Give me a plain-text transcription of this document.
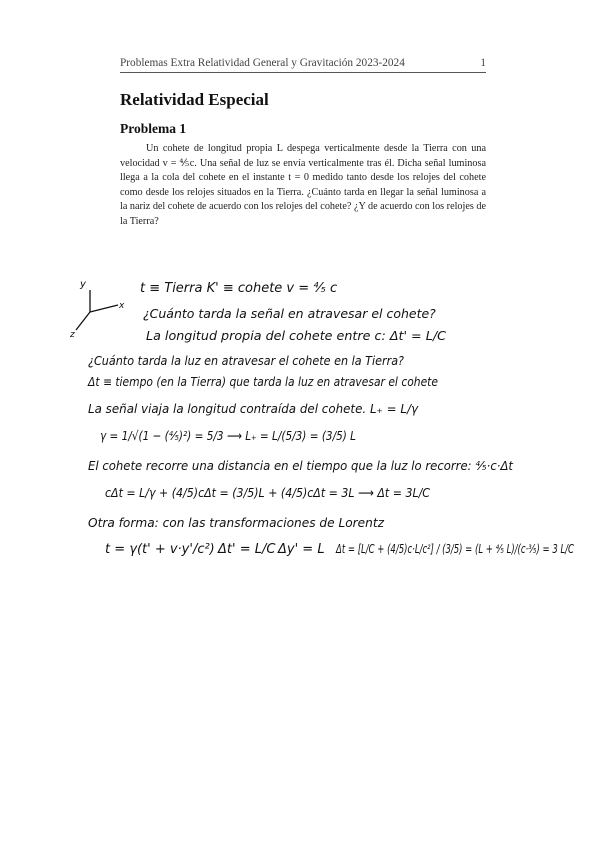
Problemas Extra Relatividad General y Gravitación 2023-2024	1
Relatividad Especial
Problema 1

Un cohete de longitud propia L despega verticalmente desde la Tierra con una velocidad v = ⅘c. Una señal de luz se envía verticalmente tras él. Dicha señal luminosa llega a la cola del cohete en el instante t = 0 medido tanto desde los relojes del cohete como desde los relojes situados en la Tierra. ¿Cuánto tarda en llegar la señal luminosa a la nariz del cohete de acuerdo con los relojes del cohete? ¿Y de acuerdo con los relojes de la Tierra?

y
x
z
t ≡ Tierra K' ≡ cohete v = ⁴⁄₅ c
¿Cuánto tarda la señal en atravesar el cohete?
La longitud propia del cohete entre c: Δt' = L/C
¿Cuánto tarda la luz en atravesar el cohete en la Tierra?
Δt ≡ tiempo (en la Tierra) que tarda la luz en atravesar el cohete
La señal viaja la longitud contraída del cohete. L₊ = L/γ
γ = 1/√(1 − (⁴⁄₅)²) = 5/3 ⟶ L₊ = L/(5/3) = (3/5) L
El cohete recorre una distancia en el tiempo que la luz lo recorre: ⁴⁄₅·c·Δt
cΔt = L/γ + (4/5)cΔt = (3/5)L + (4/5)cΔt = 3L ⟶ Δt = 3L/C
Otra forma: con las transformaciones de Lorentz
t = γ(t' + v·y'/c²) Δt' = L/C Δy' = L Δt = [L/C + (4/5)c·L/c²] / (3/5) = (L + ⁴⁄₅ L)/(c·³⁄₅) = 3 L/C
